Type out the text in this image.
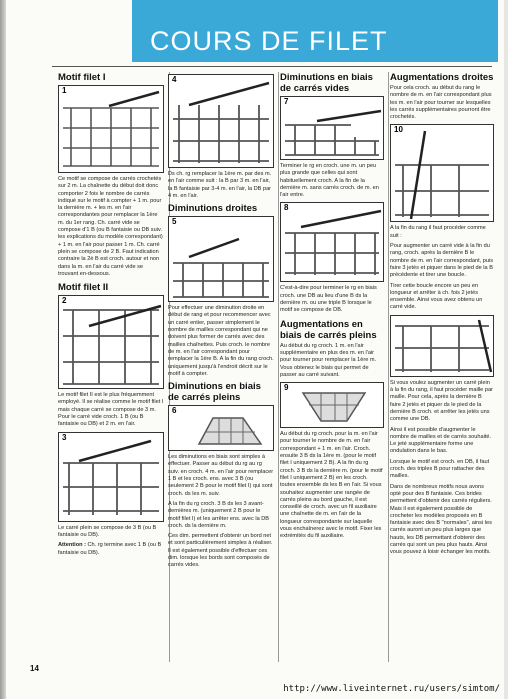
COURS DE FILET
Motif filet I
1

Ce motif se compose de carrés crochetés sur 2 m. La chaînette du début doit donc comporter 2 fois le nombre de carrés indiqué sur le motif à compter + 1 m. pour la dernière m. + les m. en l'air correspondantes pour remplacer la 1ère m. du 1er rang. Ch. carré vide se compose d'1 B (ou B fantaisie ou DB suiv. les explications du modèle correspondant) + 1 m. en l'air pour passer 1 m. Ch. carré plein se compose de 2 B. Faut indication contraire la 2è B est croch. autour et non dans la m. en l'air du carré vide se trouvant en-dessous.

Motif filet II
2

Le motif filet II est le plus fréquemment employé. Il se réalise comme le motif filet I mais chaque carré se compose de 3 m. Pour le carré vide croch. 1 B (ou B fantaisie ou DB) et 2 m. en l'air.

3

Le carré plein se compose de 3 B (ou B fantaisie ou DB).

Attention : Ch. rg termine avec 1 B (ou B fantaisie ou DB).

4

Ds ch. rg remplacer la 1ère m. par des m. en l'air comme suit : la B par 3 m. en l'air, la B fantaisie par 3-4 m. en l'air, la DB par 4 m. en l'air.

Diminutions droites
5

Pour effectuer une diminution droite en début de rang et pour recommencer avec un carré entier, passer simplement le nombre de mailles correspondant qui ne doivent plus former de carrés avec des mailles chaînettes. Puis croch. le nombre de m. en l'air correspondant pour remplacer la 1ère B. A la fin du rang croch. uniquement jusqu'à l'endroit décrit sur le motif à compter.

Diminutions en biais de carrés pleins
6

Les diminutions en biais sont simples à effectuer. Passer au début du rg au rg suiv. en croch. 4 m. en l'air pour remplacer 1 B et les croch. ens. avec 3 B (ou seulement 2 B pour le motif filet I) qui sont croch. ds les m. suiv.

A la fin du rg croch. 3 B ds les 3 avant-dernières m. (uniquement 2 B pour le motif filet I) et les arrêter ens. avec la DB croch. ds la dernière m.

Ces dim. permettent d'obtenir un bord net et sont particulièrement simples à réaliser. Il est également possible d'effectuer ces dim. lorsque les bords sont composés de carrés vides.

Diminutions en biais de carrés vides
7

Terminer le rg en croch. une m. un peu plus grande que celles qui sont habituellement croch. A la fin de la dernière m. sans carrés croch. de m. en l'air entre.

8

C'est-à-dire pour terminer le rg en biais croch. une DB au lieu d'une B ds la dernière m. ou une triple B lorsque le motif se compose de DB.

Augmentations en biais de carrés pleins

Au début du rg croch. 1 m. en l'air supplémentaire en plus des m. en l'air pour tourner pour remplacer la 1ère m. Vous obtenez le biais qui permet de passer au carré suivant.

9

Au début du rg croch. pour la m. en l'air pour tourner le nombre de m. en l'air correspondant + 1 m. en l'air. Croch. ensuite 3 B ds la 1ère m. (pour le motif filet I uniquement 2 B). A la fin du rg croch. 3 B ds la dernière m. (pour le motif filet I uniquement 2 B) en les croch. toutes ensemble ds les B en l'air. Si vous souhaitez augmenter une rangée de carrés pleins au bord gauche, il est conseillé de croch. avec un fil auxiliaire une chaînette de m. en l'air de la longueur correspondante sur laquelle vous enchaînerez avec le motif. Fixer les extrémités du fil auxiliaire.

Augmentations droites

Pour cela croch. au début du rang le nombre de m. en l'air correspondant plus les m. en l'air pour tourner sur lesquelles les carrés supplémentaires pourront être crochetés.

10

A la fin du rang il faut procéder comme suit :

Pour augmenter un carré vide à la fin du rang, croch. après la dernière B le nombre de m. en l'air correspondant, puis faire 3 jetés et piquer dans le pied de la B précédente et tirer une boucle.

Tirer cette boucle encore un peu en longueur et arrêter à ch. fois 2 jetés ensemble. Ainsi vous avez obtenu un carré vide.

Si vous voulez augmenter un carré plein à la fin du rang, il faut procéder maille par maille. Pour cela, après la dernière B faire 2 jetés et piquer ds le pied de la dernière B croch. et arrêter les jetés uns comme une DB.

Ainsi il est possible d'augmenter le nombre de mailles et de carrés souhaité. Le jeté supplémentaire forme une ondulation dans le bas.

Lorsque le motif est croch. en DB, il faut croch. des triples B pour rattacher des mailles.

Dans de nombreux motifs nous avons opté pour des B fantaisie. Ces brides permettent d'obtenir des carrés réguliers. Mais il est également possible de crocheter les modèles proposés en B fantaisie avec des B "normales", ainsi les carrés auront un peu plus larges que hauts, les DB permettant d'obtenir des carrés qui sont un peu plus hauts. Ainsi vous pouvez à loisir échanger les motifs.

14
http://www.liveinternet.ru/users/simtom/
